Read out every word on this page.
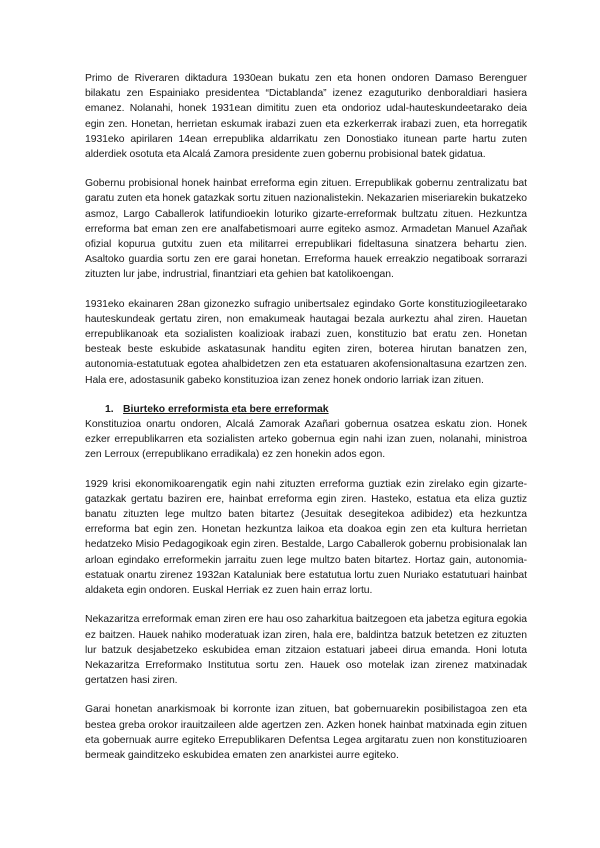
Primo de Riveraren diktadura 1930ean bukatu zen eta honen ondoren Damaso Berenguer bilakatu zen Espainiako presidentea “Dictablanda” izenez ezaguturiko denboraldiari hasiera emanez. Nolanahi, honek 1931ean dimititu zuen eta ondorioz udal-hauteskundeetarako deia egin zen. Honetan, herrietan eskumak irabazi zuen eta ezkerkerrak irabazi zuen, eta horregatik 1931eko apirilaren 14ean errepublika aldarrikatu zen Donostiako itunean parte hartu zuten alderdiek osotuta eta Alcalá Zamora presidente zuen gobernu probisional batek gidatua.

Gobernu probisional honek hainbat erreforma egin zituen. Errepublikak gobernu zentralizatu bat garatu zuten eta honek gatazkak sortu zituen nazionalistekin. Nekazarien miseriarekin bukatzeko asmoz, Largo Caballerok latifundioekin loturiko gizarte-erreformak bultzatu zituen. Hezkuntza erreforma bat eman zen ere analfabetismoari aurre egiteko asmoz. Armadetan Manuel Azañak ofizial kopurua gutxitu zuen eta militarrei errepublikari fideltasuna sinatzera behartu zien. Asaltoko guardia sortu zen ere garai honetan. Erreforma hauek erreakzio negatiboak sorrarazi zituzten lur jabe, indrustrial, finantziari eta gehien bat katolikoengan.

1931eko ekainaren 28an gizonezko sufragio unibertsalez egindako Gorte konstituziogileetarako hauteskundeak gertatu ziren, non emakumeak hautagai bezala aurkeztu ahal ziren. Hauetan errepublikanoak eta sozialisten koalizioak irabazi zuen, konstituzio bat eratu zen. Honetan besteak beste eskubide askatasunak handitu egiten ziren, boterea hirutan banatzen zen, autonomia-estatutuak egotea ahalbidetzen zen eta estatuaren akofensionaltasuna ezartzen zen. Hala ere, adostasunik gabeko konstituzioa izan zenez honek ondorio larriak izan zituen.

1. Biurteko erreformista eta bere erreformak

Konstituzioa onartu ondoren, Alcalá Zamorak Azañari gobernua osatzea eskatu zion. Honek ezker errepublikarren eta sozialisten arteko gobernua egin nahi izan zuen, nolanahi, ministroa zen Lerroux (errepublikano erradikala) ez zen honekin ados egon.

1929 krisi ekonomikoarengatik egin nahi zituzten erreforma guztiak ezin zirelako egin gizarte-gatazkak gertatu baziren ere, hainbat erreforma egin ziren. Hasteko, estatua eta eliza guztiz banatu zituzten lege multzo baten bitartez (Jesuitak desegitekoa adibidez) eta hezkuntza erreforma bat egin zen. Honetan hezkuntza laikoa eta doakoa egin zen eta kultura herrietan hedatzeko Misio Pedagogikoak egin ziren. Bestalde, Largo Caballerok gobernu probisionalak lan arloan egindako erreformekin jarraitu zuen lege multzo baten bitartez. Hortaz gain, autonomia-estatuak onartu zirenez 1932an Kataluniak bere estatutua lortu zuen Nuriako estatutuari hainbat aldaketa egin ondoren. Euskal Herriak ez zuen hain erraz lortu.

Nekazaritza erreformak eman ziren ere hau oso zaharkitua baitzegoen eta jabetza egitura egokia ez baitzen. Hauek nahiko moderatuak izan ziren, hala ere, baldintza batzuk betetzen ez zituzten lur batzuk desjabetzeko eskubidea eman zitzaion estatuari jabeei dirua emanda. Honi lotuta Nekazaritza Erreformako Institutua sortu zen. Hauek oso motelak izan zirenez matxinadak gertatzen hasi ziren.

Garai honetan anarkismoak bi korronte izan zituen, bat gobernuarekin posibilistagoa zen eta bestea greba orokor irauitzaileen alde agertzen zen. Azken honek hainbat matxinada egin zituen eta gobernuak aurre egiteko Errepublikaren Defentsa Legea argitaratu zuen non konstituzioaren bermeak gainditzeko eskubidea ematen zen anarkistei aurre egiteko.
